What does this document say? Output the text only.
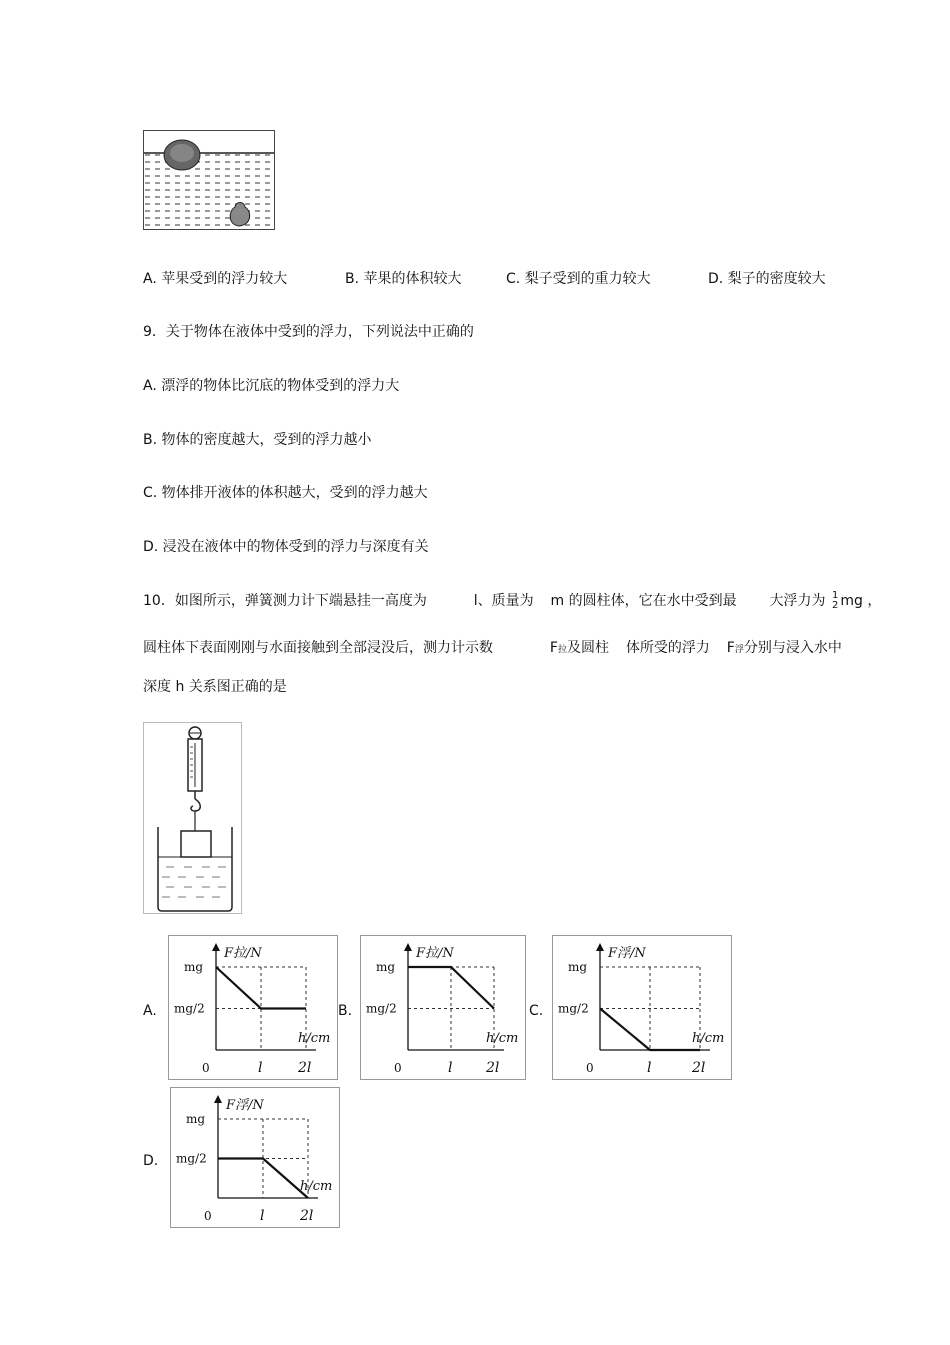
A. 苹果受到的浮力较大	B. 苹果的体积较大	C. 梨子受到的重力较大	D. 梨子的密度较大
9．关于物体在液体中受到的浮力，下列说法中正确的
A. 漂浮的物体比沉底的物体受到的浮力大
B. 物体的密度越大，受到的浮力越小
C. 物体排开液体的体积越大，受到的浮力越大
D. 浸没在液体中的物体受到的浮力与深度有关
10．如图所示，弹簧测力计下端悬挂一高度为	l、质量为 m 的圆柱体，它在水中受到最 大浮力为 1
2 mg ，
圆柱体下表面刚刚与水面接触到全部浸没后，测力计示数	F拉及圆柱 体所受的浮力 F浮分别与浸入水中
深度 h 关系图正确的是
A.	B.	C.
D.
F拉/N
h/cm
mg
mg/2
0	l	2l
F拉/N
h/cm
mg
mg/2
0	l 2l
F浮/N
h/cm
mg
mg/2
0	l	2l
F浮/N
h/cm
mg
mg/2
0	l	2l
